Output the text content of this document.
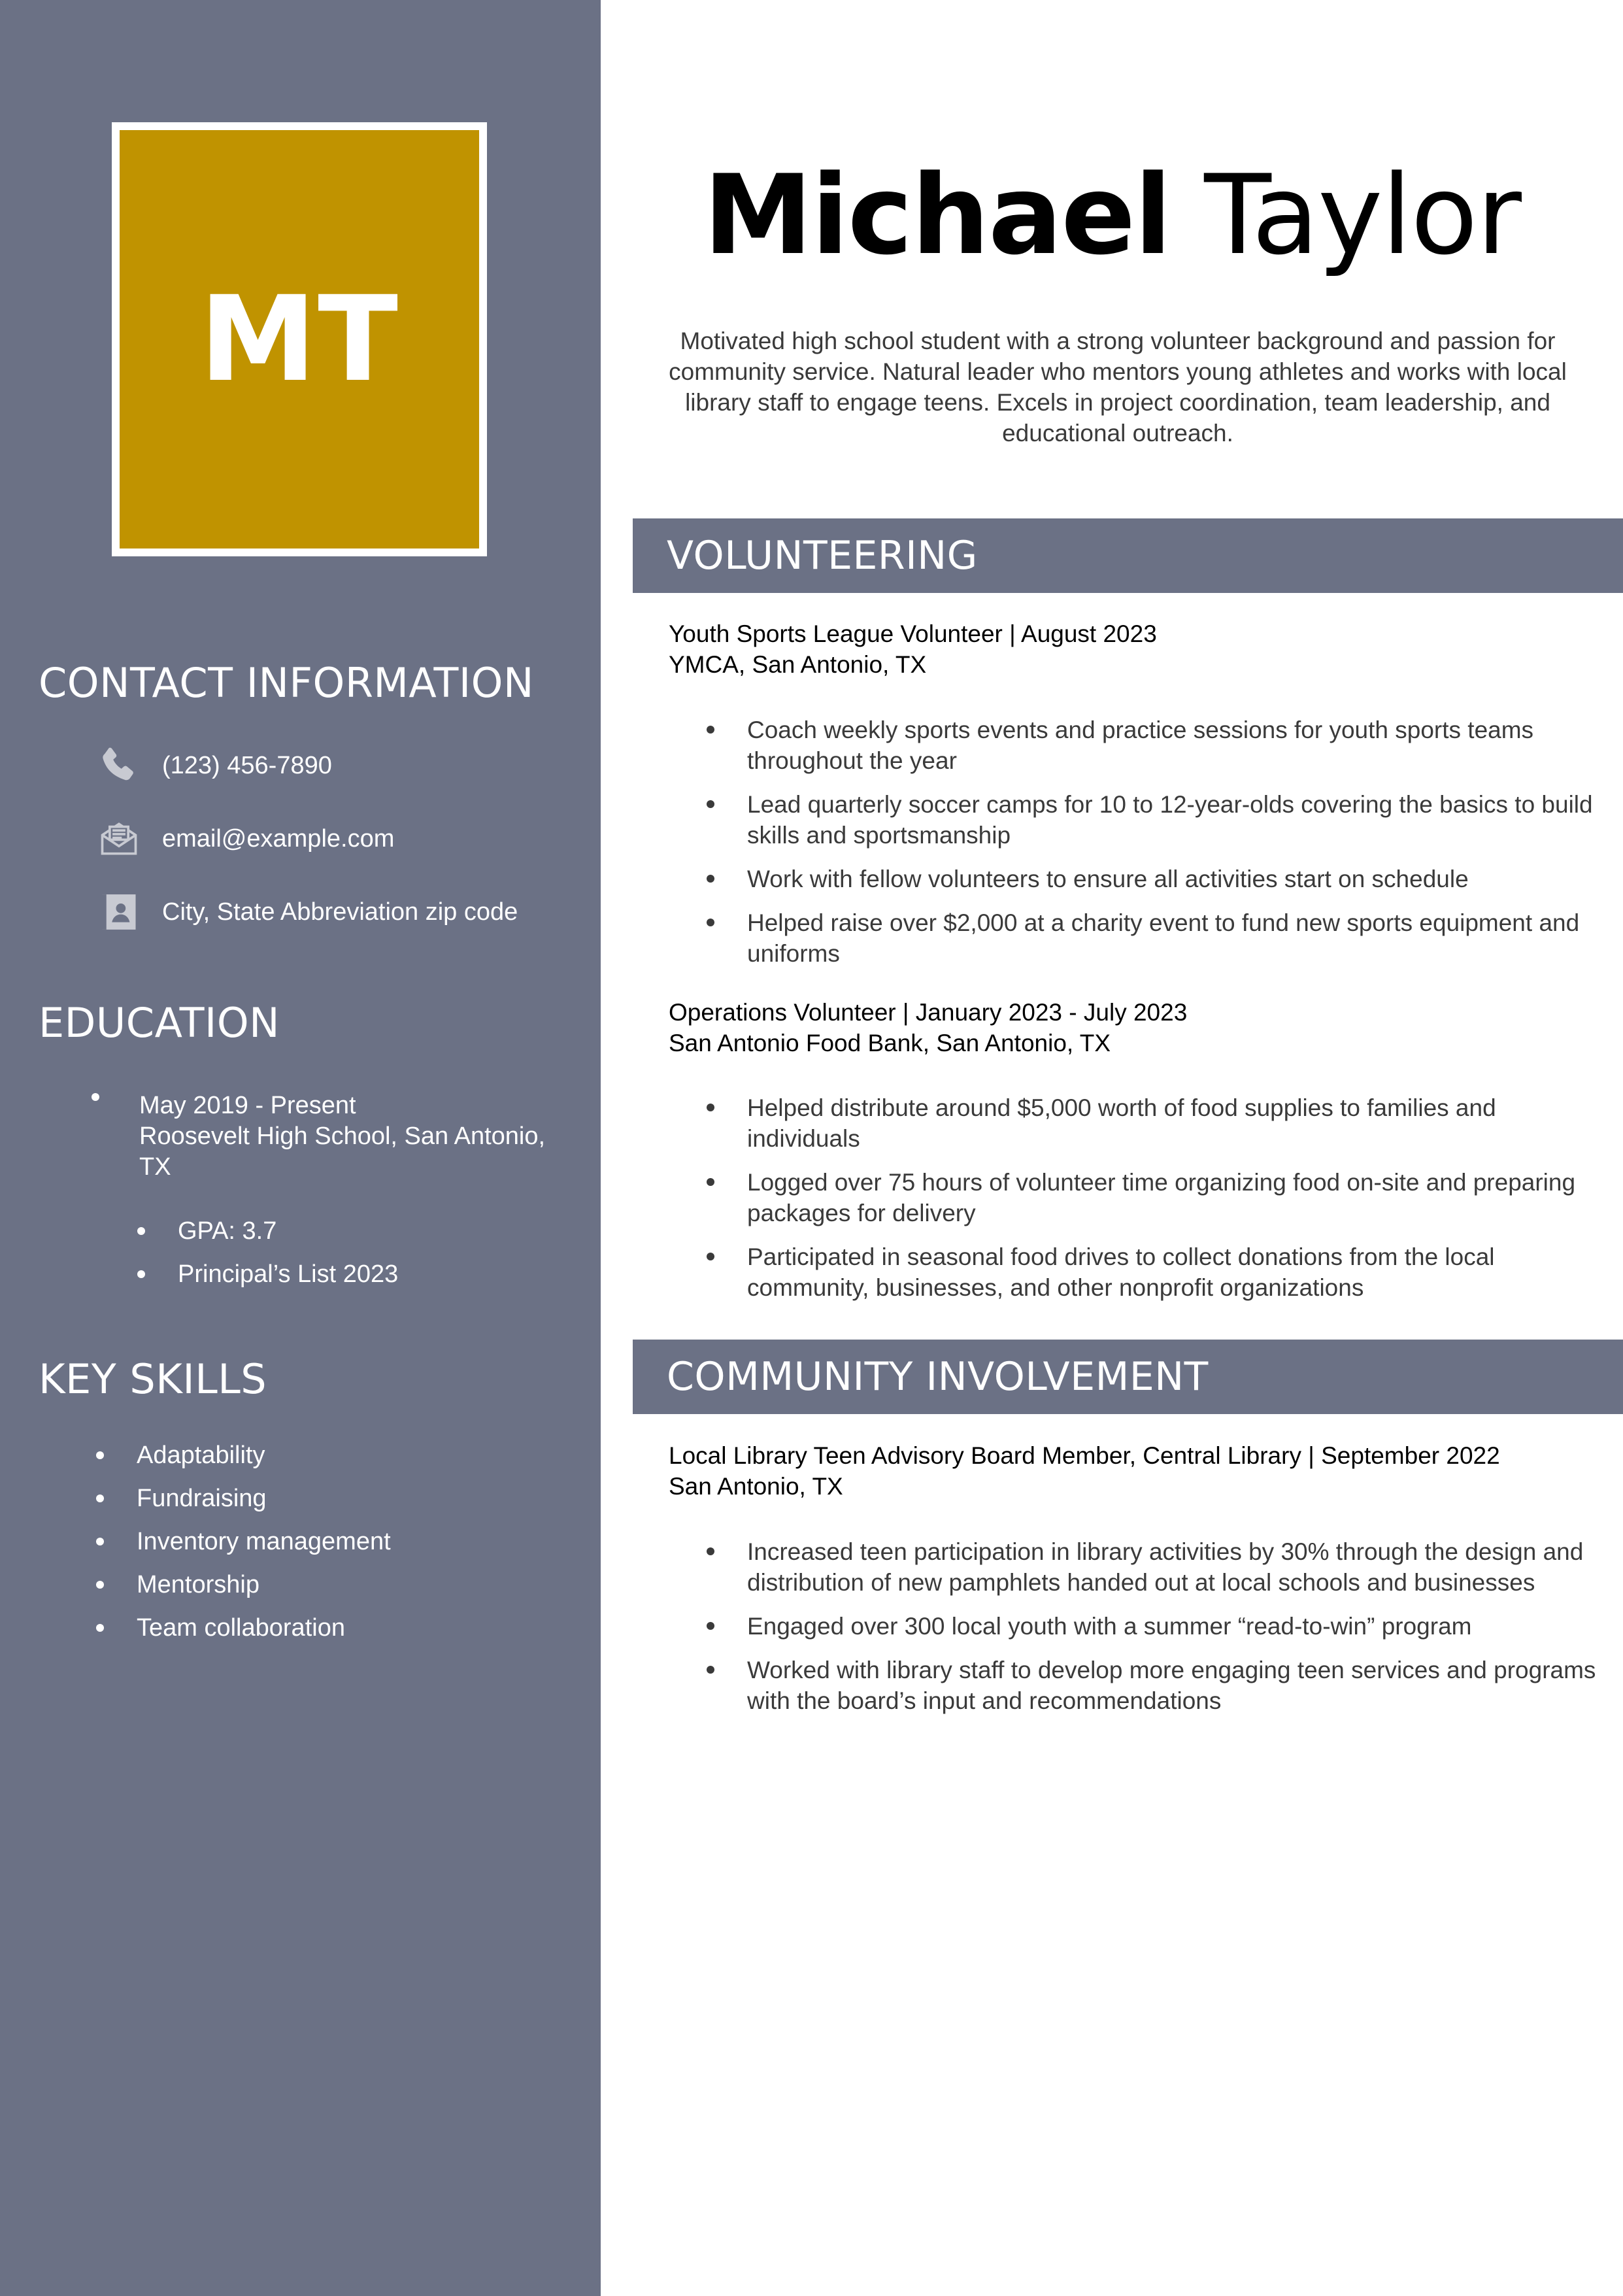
MT
CONTACT INFORMATION
(123) 456-7890
email@example.com
City, State Abbreviation zip code
EDUCATION
May 2019 - Present
Roosevelt High School, San Antonio, TX
GPA: 3.7
Principal’s List 2023
KEY SKILLS
Adaptability
Fundraising
Inventory management
Mentorship
Team collaboration
Michael Taylor
Motivated high school student with a strong volunteer background and passion for community service. Natural leader who mentors young athletes and works with local library staff to engage teens. Excels in project coordination, team leadership, and educational outreach.
VOLUNTEERING
Youth Sports League Volunteer | August 2023
YMCA, San Antonio, TX
Coach weekly sports events and practice sessions for youth sports teams throughout the year
Lead quarterly soccer camps for 10 to 12-year-olds covering the basics to build skills and sportsmanship
Work with fellow volunteers to ensure all activities start on schedule
Helped raise over $2,000 at a charity event to fund new sports equipment and uniforms
Operations Volunteer | January 2023 - July 2023
San Antonio Food Bank, San Antonio, TX
Helped distribute around $5,000 worth of food supplies to families and individuals
Logged over 75 hours of volunteer time organizing food on-site and preparing packages for delivery
Participated in seasonal food drives to collect donations from the local community, businesses, and other nonprofit organizations
COMMUNITY INVOLVEMENT
Local Library Teen Advisory Board Member, Central Library | September 2022
San Antonio, TX
Increased teen participation in library activities by 30% through the design and distribution of new pamphlets handed out at local schools and businesses
Engaged over 300 local youth with a summer “read-to-win” program
Worked with library staff to develop more engaging teen services and programs with the board’s input and recommendations
